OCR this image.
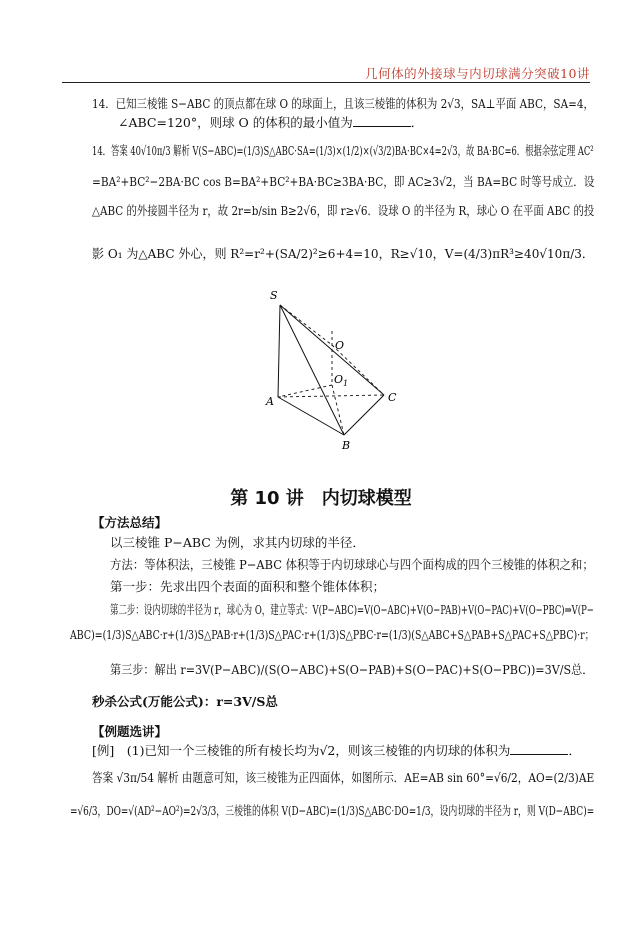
几何体的外接球与内切球满分突破10讲
14．已知三棱锥 S−ABC 的顶点都在球 O 的球面上，且该三棱锥的体积为 2√3，SA⊥平面 ABC，SA=4，
∠ABC=120°，则球 O 的体积的最小值为	．
14．答案 40√10π/3 解析 V(S−ABC)=(1/3)S△ABC·SA=(1/3)×(1/2)×(√3/2)BA·BC×4=2√3，故 BA·BC=6．根据余弦定理 AC²
=BA²+BC²−2BA·BC cos B=BA²+BC²+BA·BC≥3BA·BC，即 AC≥3√2，当 BA=BC 时等号成立．设
△ABC 的外接圆半径为 r，故 2r=b/sin B≥2√6，即 r≥√6．设球 O 的半径为 R，球心 O 在平面 ABC 的投
影 O₁ 为△ABC 外心，则 R²=r²+(SA/2)²≥6+4=10，R≥√10，V=(4/3)πR³≥40√10π/3．
S
O
$O_1$
A
B
C
第 10 讲　内切球模型
【方法总结】
以三棱锥 P−ABC 为例，求其内切球的半径．
方法：等体积法，三棱锥 P−ABC 体积等于内切球球心与四个面构成的四个三棱锥的体积之和；
第一步：先求出四个表面的面积和整个锥体体积；
第二步：设内切球的半径为 r，球心为 O，建立等式：V(P−ABC)=V(O−ABC)+V(O−PAB)+V(O−PAC)+V(O−PBC)⇒V(P−
ABC)=(1/3)S△ABC·r+(1/3)S△PAB·r+(1/3)S△PAC·r+(1/3)S△PBC·r=(1/3)(S△ABC+S△PAB+S△PAC+S△PBC)·r；
第三步：解出 r=3V(P−ABC)/(S(O−ABC)+S(O−PAB)+S(O−PAC)+S(O−PBC))=3V/S总．
秒杀公式(万能公式)：r=3V/S总
【例题选讲】
[例]　(1)已知一个三棱锥的所有棱长均为√2，则该三棱锥的内切球的体积为	．
答案 √3π/54 解析 由题意可知，该三棱锥为正四面体，如图所示．AE=AB sin 60°=√6/2，AO=(2/3)AE
=√6/3，DO=√(AD²−AO²)=2√3/3，三棱锥的体积 V(D−ABC)=(1/3)S△ABC·DO=1/3，设内切球的半径为 r，则 V(D−ABC)=
